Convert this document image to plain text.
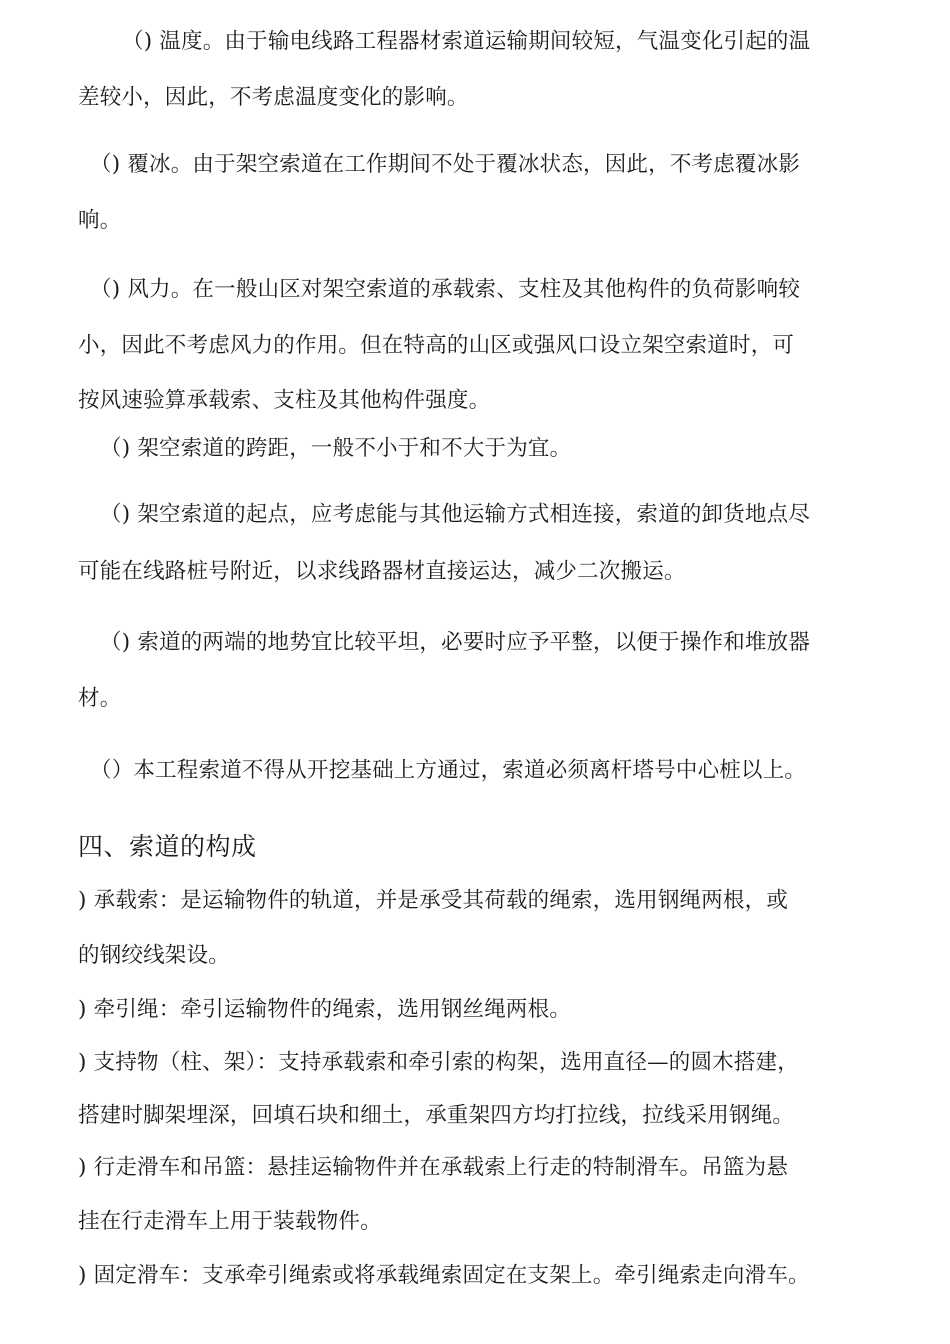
（) 温度。由于输电线路工程器材索道运输期间较短，气温变化引起的温
差较小，因此，不考虑温度变化的影响。
（) 覆冰。由于架空索道在工作期间不处于覆冰状态，因此，不考虑覆冰影
响。
（) 风力。在一般山区对架空索道的承载索、支柱及其他构件的负荷影响较
小，因此不考虑风力的作用。但在特高的山区或强风口设立架空索道时，可
按风速验算承载索、支柱及其他构件强度。
（) 架空索道的跨距，一般不小于和不大于为宜。
（) 架空索道的起点，应考虑能与其他运输方式相连接，索道的卸货地点尽
可能在线路桩号附近，以求线路器材直接运达，减少二次搬运。
（) 索道的两端的地势宜比较平坦，必要时应予平整，以便于操作和堆放器
材。
（）本工程索道不得从开挖基础上方通过，索道必须离杆塔号中心桩以上。
四、索道的构成
) 承载索：是运输物件的轨道，并是承受其荷载的绳索，选用钢绳两根，或
的钢绞线架设。
) 牵引绳：牵引运输物件的绳索，选用钢丝绳两根。
) 支持物（柱、架）：支持承载索和牵引索的构架，选用直径—的圆木搭建，
搭建时脚架埋深，回填石块和细土，承重架四方均打拉线，拉线采用钢绳。
) 行走滑车和吊篮：悬挂运输物件并在承载索上行走的特制滑车。吊篮为悬
挂在行走滑车上用于装载物件。
) 固定滑车：支承牵引绳索或将承载绳索固定在支架上。牵引绳索走向滑车。
